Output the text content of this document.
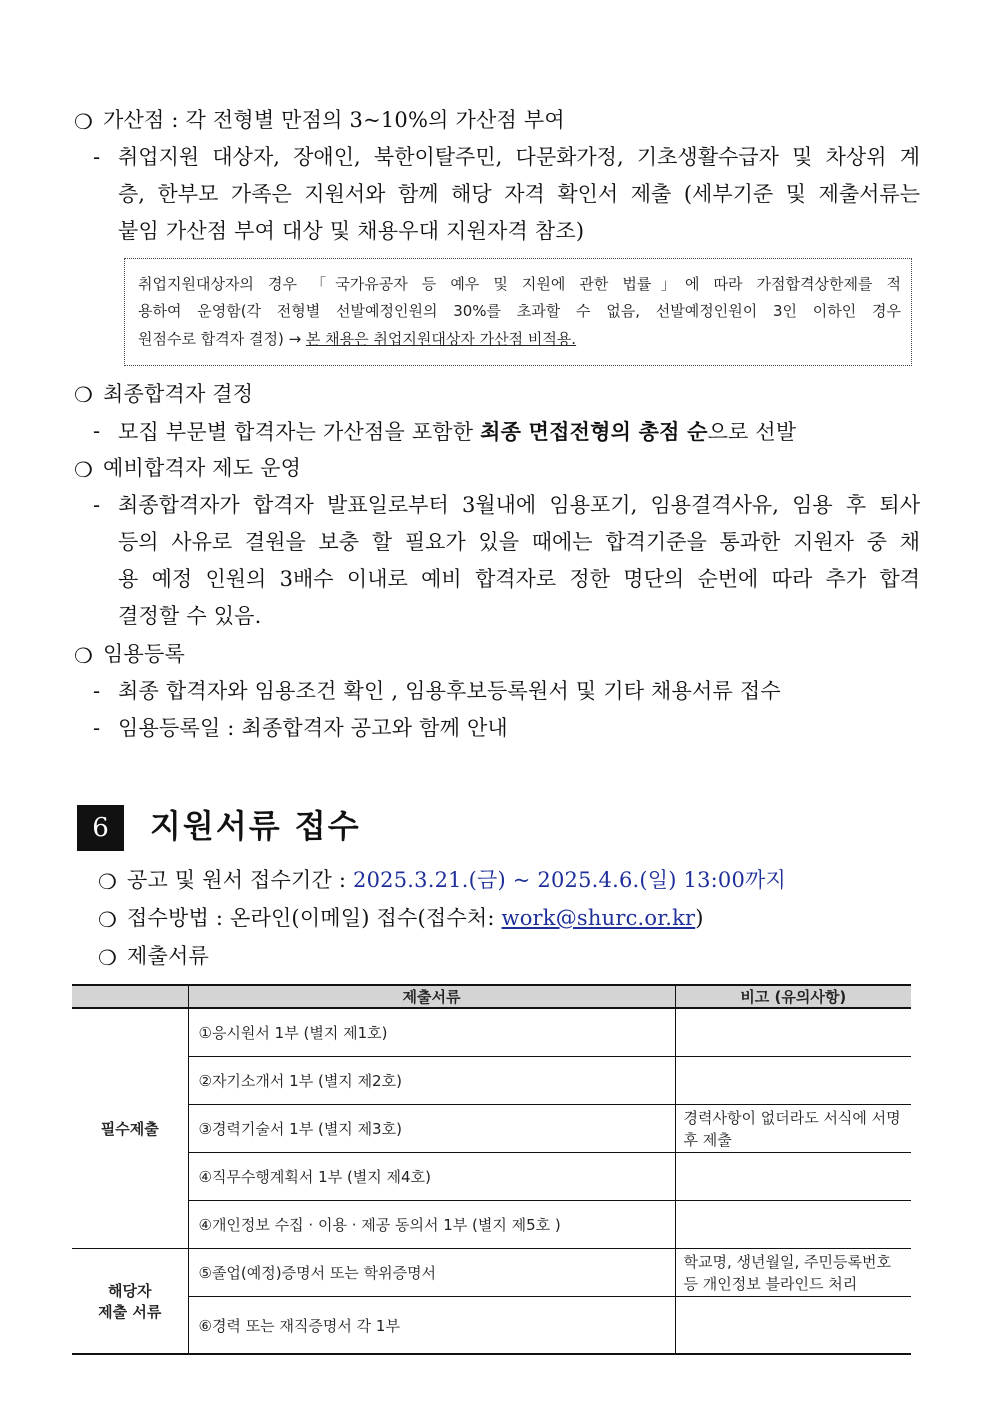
❍ 가산점 : 각 전형별 만점의 3~10%의 가산점 부여
- 취업지원 대상자, 장애인, 북한이탈주민, 다문화가정, 기초생활수급자 및 차상위 계
층, 한부모 가족은 지원서와 함께 해당 자격 확인서 제출 (세부기준 및 제출서류는
붙임 가산점 부여 대상 및 채용우대 지원자격 참조)
취업지원대상자의 경우 「국가유공자 등 예우 및 지원에 관한 법률」에 따라 가점합격상한제를 적
용하여 운영함(각 전형별 선발예정인원의 30%를 초과할 수 없음, 선발예정인원이 3인 이하인 경우
원점수로 합격자 결정) → 본 채용은 취업지원대상자 가산점 비적용.
❍ 최종합격자 결정
- 모집 부문별 합격자는 가산점을 포함한 최종 면접전형의 총점 순으로 선발
❍ 예비합격자 제도 운영
- 최종합격자가 합격자 발표일로부터 3월내에 임용포기, 임용결격사유, 임용 후 퇴사
등의 사유로 결원을 보충 할 필요가 있을 때에는 합격기준을 통과한 지원자 중 채
용 예정 인원의 3배수 이내로 예비 합격자로 정한 명단의 순번에 따라 추가 합격
결정할 수 있음.
❍ 임용등록
- 최종 합격자와 임용조건 확인 , 임용후보등록원서 및 기타 채용서류 접수
- 임용등록일 : 최종합격자 공고와 함께 안내
6	지원서류 접수
❍ 공고 및 원서 접수기간 : 2025.3.21.(금) ~ 2025.4.6.(일) 13:00까지
❍ 접수방법 : 온라인(이메일) 접수(접수처: work@shurc.or.kr)
❍ 제출서류
	제출서류	비고 (유의사항)
필수제출	①응시원서 1부 (별지 제1호)	
	②자기소개서 1부 (별지 제2호)	
	③경력기술서 1부 (별지 제3호)	경력사항이 없더라도 서식에 서명 후 제출
	④직무수행계획서 1부 (별지 제4호)	
	④개인정보 수집 · 이용 · 제공 동의서 1부 (별지 제5호 )	

해당자
제출 서류	⑤졸업(예정)증명서 또는 학위증명서	학교명, 생년월일, 주민등록번호 등 개인정보 블라인드 처리
	⑥경력 또는 재직증명서 각 1부	
